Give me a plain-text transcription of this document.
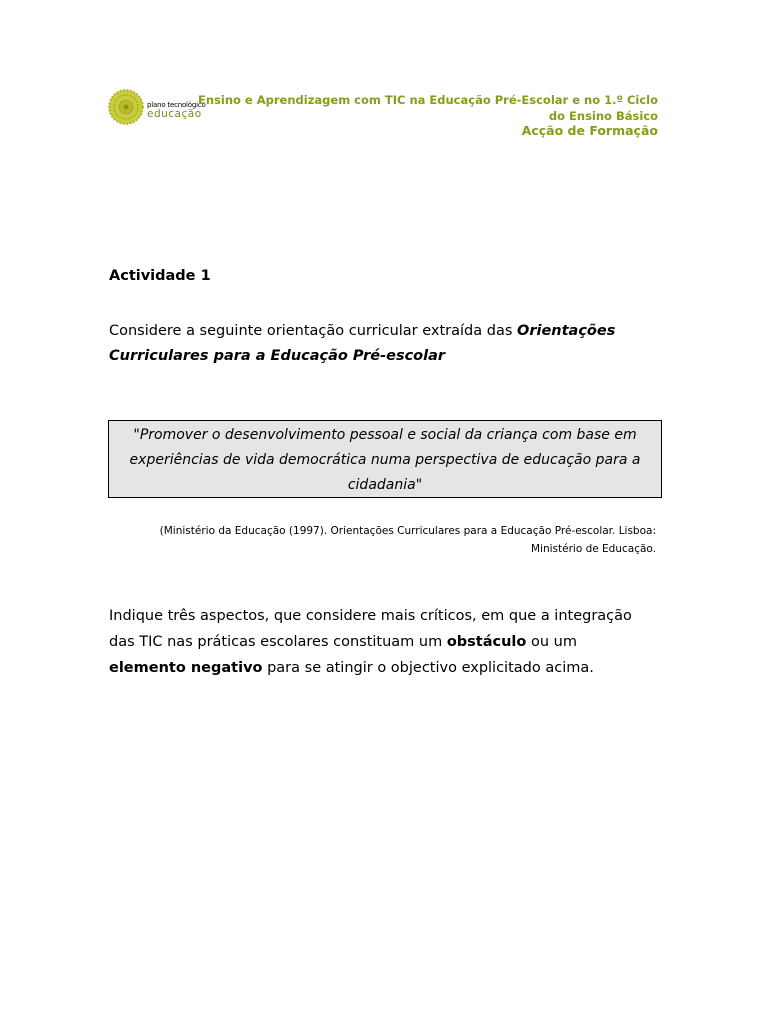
plano tecnológico
educação
Ensino e Aprendizagem com TIC na Educação Pré-Escolar e no 1.º Ciclo do Ensino Básico
Acção de Formação
Actividade 1
Considere a seguinte orientação curricular extraída das Orientações Curriculares para a Educação Pré-escolar
"Promover o desenvolvimento pessoal e social da criança com base em experiências de vida democrática numa perspectiva de educação para a cidadania"
(Ministério da Educação (1997). Orientações Curriculares para a Educação Pré-escolar. Lisboa: Ministério de Educação.
Indique três aspectos, que considere mais críticos, em que a integração das TIC nas práticas escolares constituam um obstáculo ou um elemento negativo para se atingir o objectivo explicitado acima.
